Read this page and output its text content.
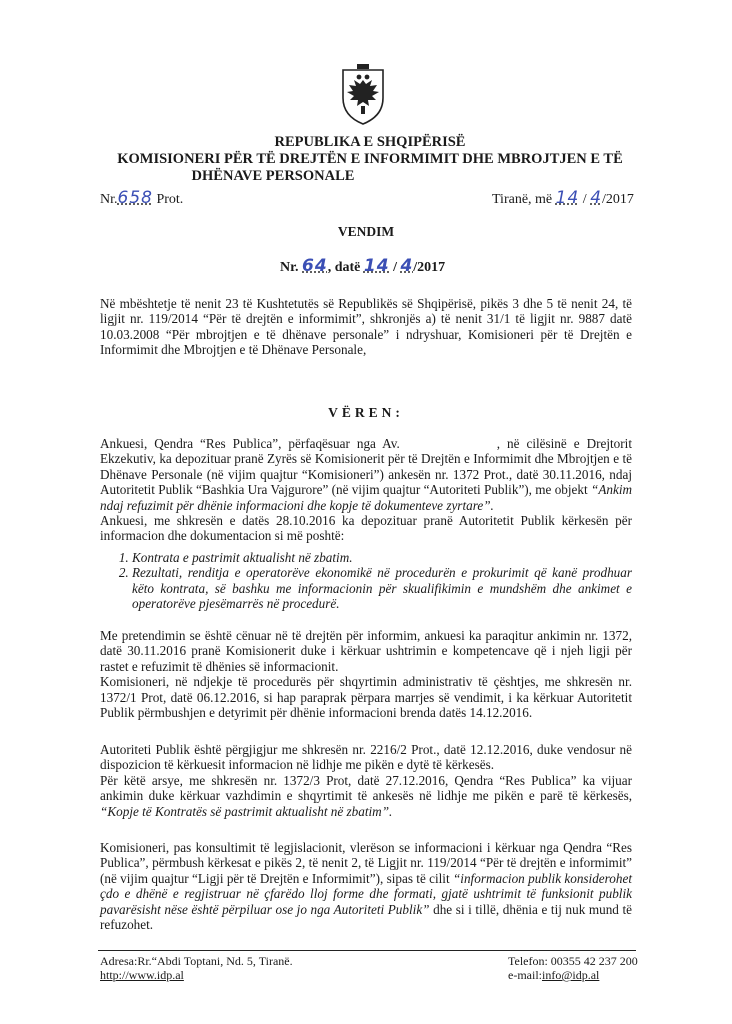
REPUBLIKA E SHQIPËRISË
KOMISIONERI PËR TË DREJTËN E INFORMIMIT DHE MBROJTJEN E TË
DHËNAVE PERSONALE
Nr.658 Prot.	Tiranë, më 14 / 4/2017
VENDIM
Nr. 64, datë 14 / 4/2017

Në mbështetje të nenit 23 të Kushtetutës së Republikës së Shqipërisë, pikës 3 dhe 5 të nenit 24, të ligjit nr. 119/2014 “Për të drejtën e informimit”, shkronjës a) të nenit 31/1 të ligjit nr. 9887 datë 10.03.2008 “Për mbrojtjen e të dhënave personale” i ndryshuar, Komisioneri për të Drejtën e Informimit dhe Mbrojtjen e të Dhënave Personale,

VËREN:

Ankuesi, Qendra “Res Publica”, përfaqësuar nga Av.	, në cilësinë e Drejtorit Ekzekutiv, ka depozituar pranë Zyrës së Komisionerit për të Drejtën e Informimit dhe Mbrojtjen e të Dhënave Personale (në vijim quajtur “Komisioneri”) ankesën nr. 1372 Prot., datë 30.11.2016, ndaj Autoritetit Publik “Bashkia Ura Vajgurore” (në vijim quajtur “Autoriteti Publik”), me objekt “Ankim ndaj refuzimit për dhënie informacioni dhe kopje të dokumenteve zyrtare”.

Ankuesi, me shkresën e datës 28.10.2016 ka depozituar pranë Autoritetit Publik kërkesën për informacion dhe dokumentacion si më poshtë:

1. Kontrata e pastrimit aktualisht në zbatim.
2. Rezultati, renditja e operatorëve ekonomikë në procedurën e prokurimit që kanë prodhuar këto kontrata, së bashku me informacionin për skualifikimin e mundshëm dhe ankimet e operatorëve pjesëmarrës në procedurë.

Me pretendimin se është cënuar në të drejtën për informim, ankuesi ka paraqitur ankimin nr. 1372, datë 30.11.2016 pranë Komisionerit duke i kërkuar ushtrimin e kompetencave që i njeh ligji për rastet e refuzimit të dhënies së informacionit.

Komisioneri, në ndjekje të procedurës për shqyrtimin administrativ të çështjes, me shkresën nr. 1372/1 Prot, datë 06.12.2016, si hap paraprak përpara marrjes së vendimit, i ka kërkuar Autoritetit Publik përmbushjen e detyrimit për dhënie informacioni brenda datës 14.12.2016.

Autoriteti Publik është përgjigjur me shkresën nr. 2216/2 Prot., datë 12.12.2016, duke vendosur në dispozicion të kërkuesit informacion në lidhje me pikën e dytë të kërkesës.

Për këtë arsye, me shkresën nr. 1372/3 Prot, datë 27.12.2016, Qendra “Res Publica” ka vijuar ankimin duke kërkuar vazhdimin e shqyrtimit të ankesës në lidhje me pikën e parë të kërkesës, “Kopje të Kontratës së pastrimit aktualisht në zbatim”.

Komisioneri, pas konsultimit të legjislacionit, vlerëson se informacioni i kërkuar nga Qendra “Res Publica”, përmbush kërkesat e pikës 2, të nenit 2, të Ligjit nr. 119/2014 “Për të drejtën e informimit” (në vijim quajtur “Ligji për të Drejtën e Informimit”), sipas të cilit “informacion publik konsiderohet çdo e dhënë e regjistruar në çfarëdo lloj forme dhe formati, gjatë ushtrimit të funksionit publik pavarësisht nëse është përpiluar ose jo nga Autoriteti Publik” dhe si i tillë, dhënia e tij nuk mund të refuzohet.

Adresa:Rr.“Abdi Toptani, Nd. 5, Tiranë.
http://www.idp.al
Telefon: 00355 42 237 200
e-mail:info@idp.al
